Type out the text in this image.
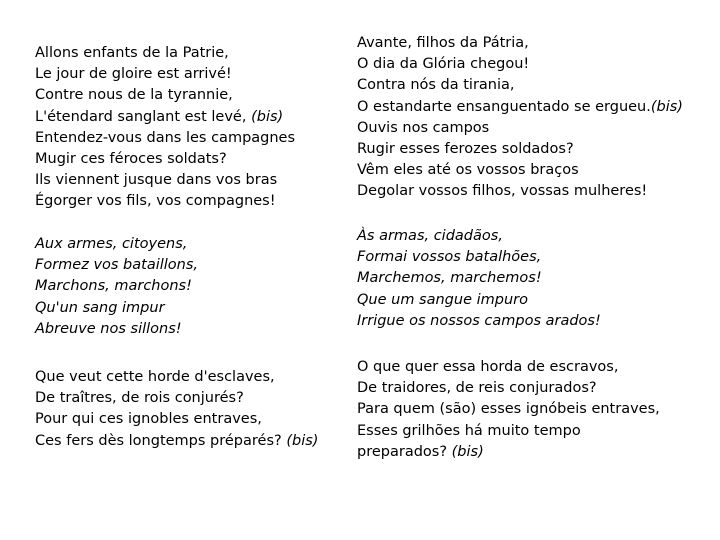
Allons enfants de la Patrie,
Le jour de gloire est arrivé!
Contre nous de la tyrannie,
L'étendard sanglant est levé, (bis)
Entendez-vous dans les campagnes
Mugir ces féroces soldats?
Ils viennent jusque dans vos bras
Égorger vos fils, vos compagnes!
Aux armes, citoyens,
Formez vos bataillons,
Marchons, marchons!
Qu'un sang impur
Abreuve nos sillons!
Que veut cette horde d'esclaves,
De traîtres, de rois conjurés?
Pour qui ces ignobles entraves,
Ces fers dès longtemps préparés? (bis)
Avante, filhos da Pátria,
O dia da Glória chegou!
Contra nós da tirania,
O estandarte ensanguentado se ergueu.(bis)
Ouvis nos campos
Rugir esses ferozes soldados?
Vêm eles até os vossos braços
Degolar vossos filhos, vossas mulheres!
Às armas, cidadãos,
Formai vossos batalhões,
Marchemos, marchemos!
Que um sangue impuro
Irrigue os nossos campos arados!
O que quer essa horda de escravos,
De traidores, de reis conjurados?
Para quem (são) esses ignóbeis entraves,
Esses grilhões há muito tempo
preparados? (bis)
